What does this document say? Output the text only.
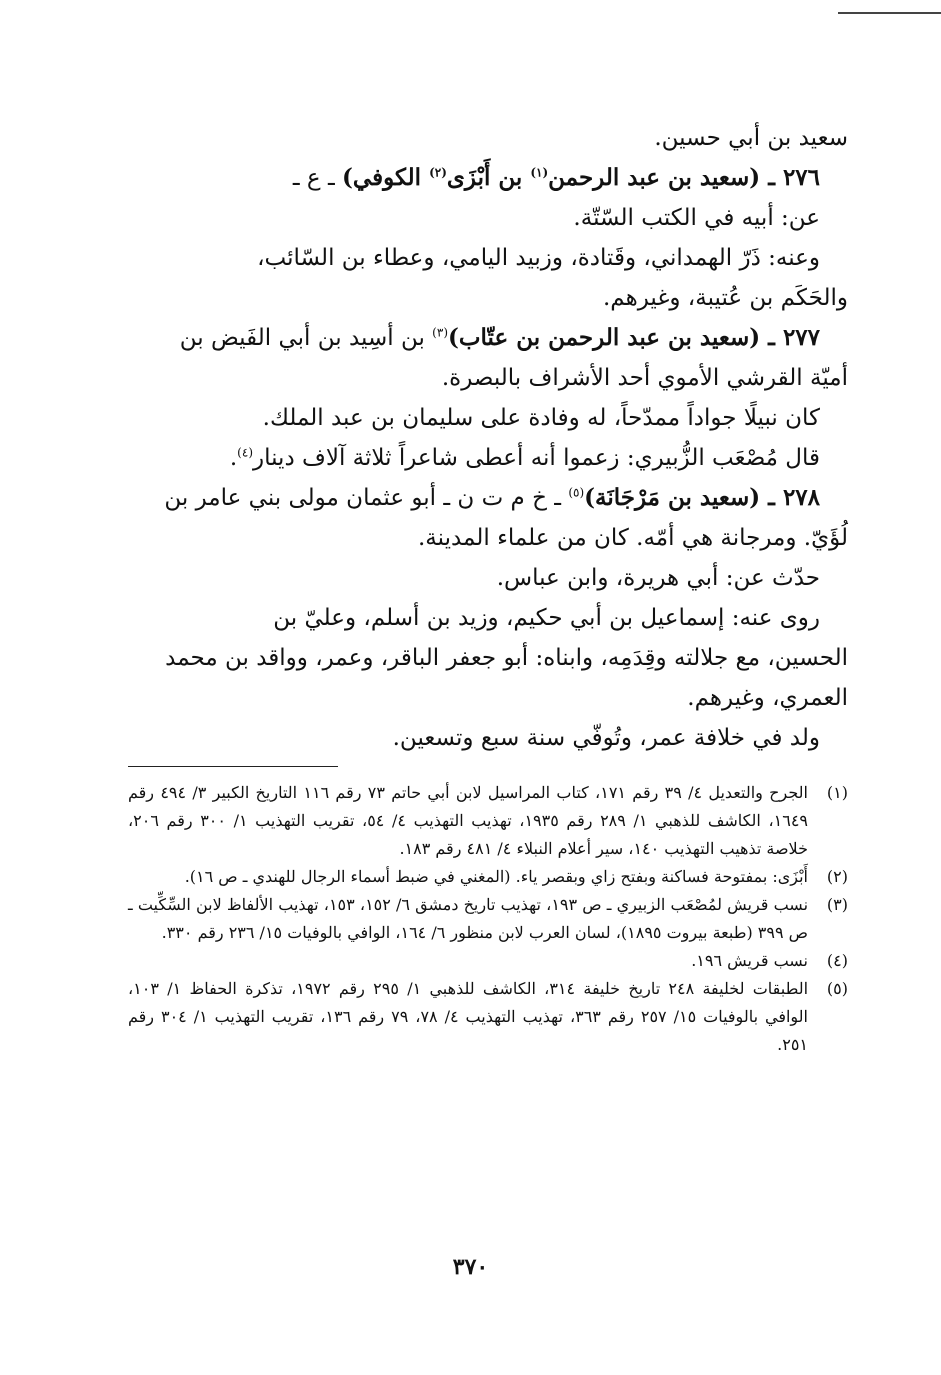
سعيد بن أبي حسين.

٢٧٦ ـ (سعيد بن عبد الرحمن$^{(١)}$ بن أَبْزَى$^{(٢)}$ الكوفي) ـ ع ـ

عن: أبيه في الكتب السّتّة.

وعنه: ذَرّ الهمداني، وقَتادة، وزبيد اليامي، وعطاء بن السّائب،

والحَكَم بن عُتيبة، وغيرهم.

٢٧٧ ـ (سعيد بن عبد الرحمن بن عتّاب)$^{(٣)}$ بن أسِيد بن أبي الفَيض بن

أميّة القرشي الأموي أحد الأشراف بالبصرة.

كان نبيلًا جواداً ممدّحاً، له وفادة على سليمان بن عبد الملك.

قال مُصْعَب الزُّبيري: زعموا أنه أعطى شاعراً ثلاثة آلاف دينار$^{(٤)}$.

٢٧٨ ـ (سعيد بن مَرْجَانَة)$^{(٥)}$ ـ خ م ت ن ـ أبو عثمان مولى بني عامر بن

لُؤَيّ. ومرجانة هي أمّه. كان من علماء المدينة.

حدّث عن: أبي هريرة، وابن عباس.

روى عنه: إسماعيل بن أبي حكيم، وزيد بن أسلم، وعليّ بن

الحسين، مع جلالته وقِدَمِه، وابناه: أبو جعفر الباقر، وعمر، وواقد بن محمد

العمري، وغيرهم.

ولد في خلافة عمر، وتُوفّي سنة سبع وتسعين.

(١)
الجرح والتعديل ٤/ ٣٩ رقم ١٧١، كتاب المراسيل لابن أبي حاتم ٧٣ رقم ١١٦ التاريخ الكبير ٣/ ٤٩٤ رقم ١٦٤٩، الكاشف للذهبي ١/ ٢٨٩ رقم ١٩٣٥، تهذيب التهذيب ٤/ ٥٤، تقريب التهذيب ١/ ٣٠٠ رقم ٢٠٦، خلاصة تذهيب التهذيب ١٤٠، سير أعلام النبلاء ٤/ ٤٨١ رقم ١٨٣.
(٢)
أَبْزَى: بمفتوحة فساكنة وبفتح زاي وبقصر ياء. (المغني في ضبط أسماء الرجال للهندي ـ ص ١٦).
(٣)
نسب قريش لمُصْعَب الزبيري ـ ص ١٩٣، تهذيب تاريخ دمشق ٦/ ١٥٢، ١٥٣، تهذيب الألفاظ لابن السِّكِّيت ـ ص ٣٩٩ (طبعة بيروت ١٨٩٥)، لسان العرب لابن منظور ٦/ ١٦٤، الوافي بالوفيات ١٥/ ٢٣٦ رقم ٣٣٠.
(٤)
نسب قريش ١٩٦.
(٥)
الطبقات لخليفة ٢٤٨ تاريخ خليفة ٣١٤، الكاشف للذهبي ١/ ٢٩٥ رقم ١٩٧٢، تذكرة الحفاظ ١/ ١٠٣، الوافي بالوفيات ١٥/ ٢٥٧ رقم ٣٦٣، تهذيب التهذيب ٤/ ٧٨، ٧٩ رقم ١٣٦، تقريب التهذيب ١/ ٣٠٤ رقم ٢٥١.
٣٧٠
